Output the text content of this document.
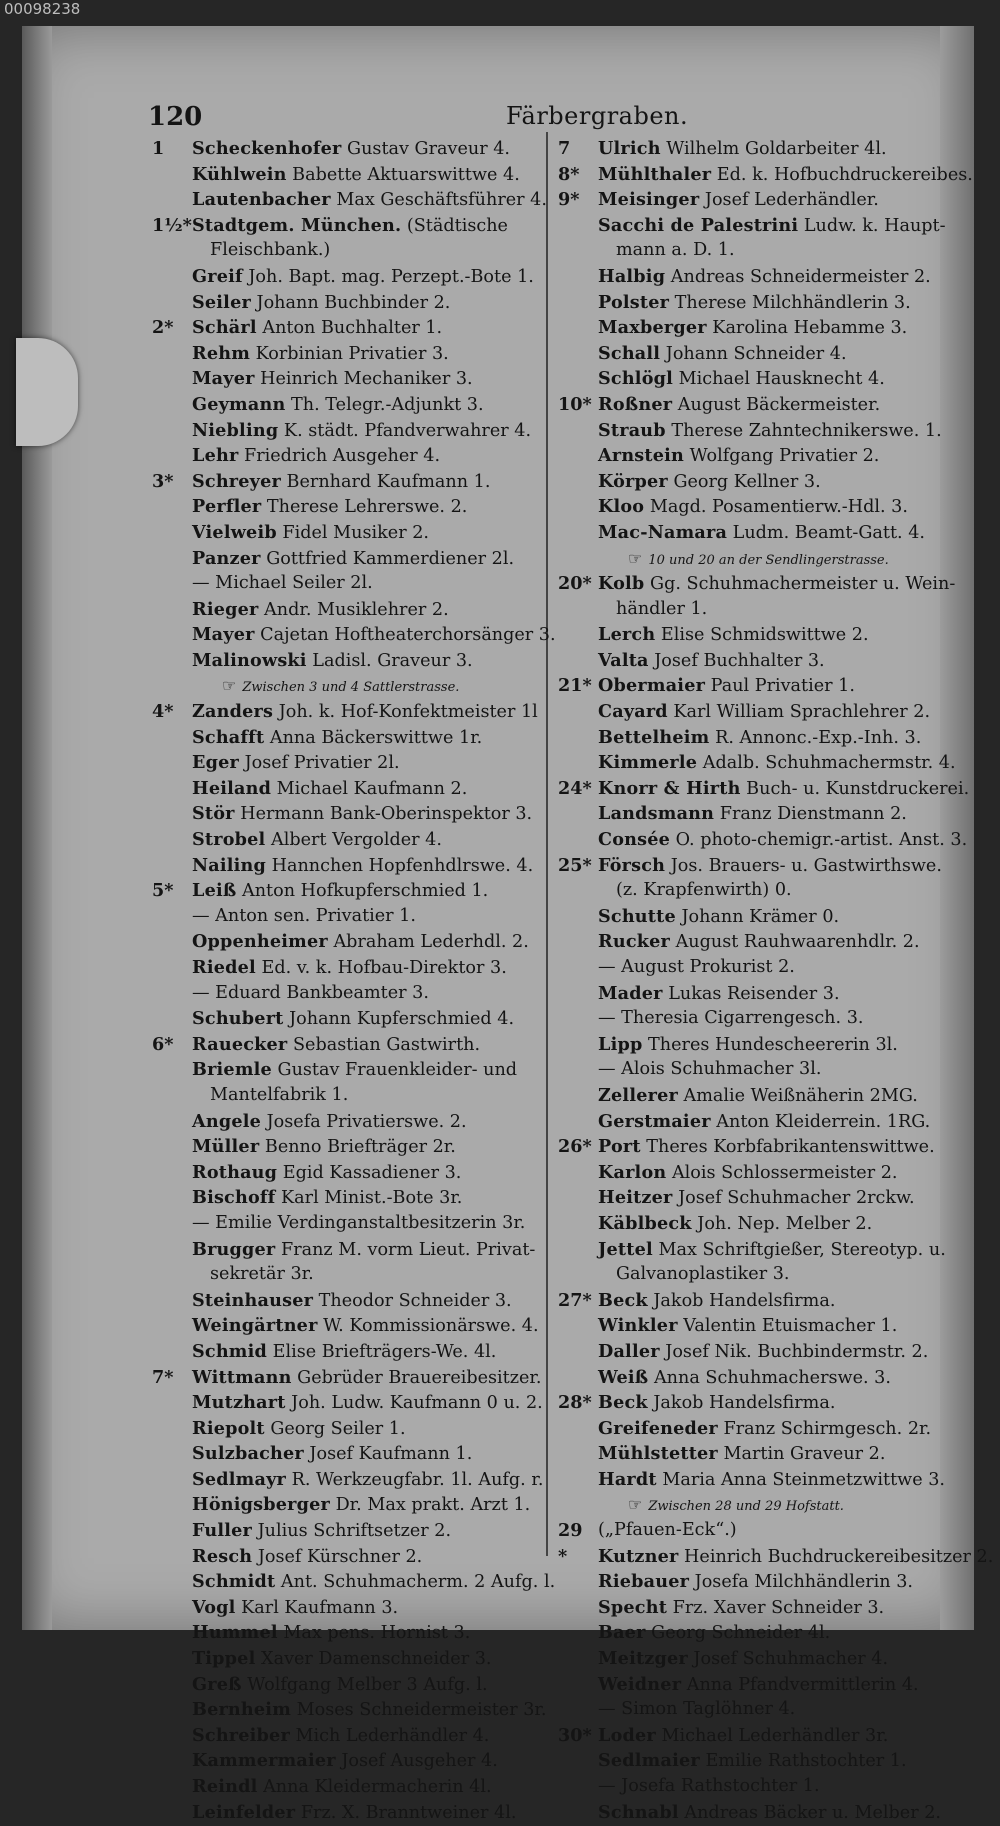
00098238
120	Färbergraben.
1	Scheckenhofer Gustav Graveur 4.
Kühlwein Babette Aktuarswittwe 4.
Lautenbacher Max Geschäftsführer 4.
1½* Stadtgem. München. (Städtische
Fleischbank.)
Greif Joh. Bapt. mag. Perzept.-Bote 1.
Seiler Johann Buchbinder 2.
2*	Schärl Anton Buchhalter 1.
Rehm Korbinian Privatier 3.
Mayer Heinrich Mechaniker 3.
Geymann Th. Telegr.-Adjunkt 3.
Niebling K. städt. Pfandverwahrer 4.
Lehr Friedrich Ausgeher 4.
3*	Schreyer Bernhard Kaufmann 1.
Perfler Therese Lehrerswe. 2.
Vielweib Fidel Musiker 2.
Panzer Gottfried Kammerdiener 2l.
— Michael Seiler 2l.
Rieger Andr. Musiklehrer 2.
Mayer Cajetan Hoftheaterchorsänger 3.
Malinowski Ladisl. Graveur 3.
☞ Zwischen 3 und 4 Sattlerstrasse.
4*	Zanders Joh. k. Hof-Konfektmeister 1l
Schafft Anna Bäckerswittwe 1r.
Eger Josef Privatier 2l.
Heiland Michael Kaufmann 2.
Stör Hermann Bank-Oberinspektor 3.
Strobel Albert Vergolder 4.
Nailing Hannchen Hopfenhdlrswe. 4.
5*	Leiß Anton Hofkupferschmied 1.
— Anton sen. Privatier 1.
Oppenheimer Abraham Lederhdl. 2.
Riedel Ed. v. k. Hofbau-Direktor 3.
— Eduard Bankbeamter 3.
Schubert Johann Kupferschmied 4.
6*	Rauecker Sebastian Gastwirth.
Briemle Gustav Frauenkleider- und
Mantelfabrik 1.
Angele Josefa Privatierswe. 2.
Müller Benno Briefträger 2r.
Rothaug Egid Kassadiener 3.
Bischoff Karl Minist.-Bote 3r.
— Emilie Verdinganstaltbesitzerin 3r.
Brugger Franz M. vorm Lieut. Privat-
sekretär 3r.
Steinhauser Theodor Schneider 3.
Weingärtner W. Kommissionärswe. 4.
Schmid Elise Briefträgers-We. 4l.
7*	Wittmann Gebrüder Brauereibesitzer.
Mutzhart Joh. Ludw. Kaufmann 0 u. 2.
Riepolt Georg Seiler 1.
Sulzbacher Josef Kaufmann 1.
Sedlmayr R. Werkzeugfabr. 1l. Aufg. r.
Hönigsberger Dr. Max prakt. Arzt 1.
Fuller Julius Schriftsetzer 2.
Resch Josef Kürschner 2.
Schmidt Ant. Schuhmacherm. 2 Aufg. l.
Vogl Karl Kaufmann 3.
Hummel Max pens. Hornist 3.
Tippel Xaver Damenschneider 3.
Greß Wolfgang Melber 3 Aufg. l.
Bernheim Moses Schneidermeister 3r.
Schreiber Mich Lederhändler 4.
Kammermaier Josef Ausgeher 4.
Reindl Anna Kleidermacherin 4l.
Leinfelder Frz. X. Branntweiner 4l.
7	Ulrich Wilhelm Goldarbeiter 4l.
8*	Mühlthaler Ed. k. Hofbuchdruckereibes.
9*	Meisinger Josef Lederhändler.
Sacchi de Palestrini Ludw. k. Haupt-
mann a. D. 1.
Halbig Andreas Schneidermeister 2.
Polster Therese Milchhändlerin 3.
Maxberger Karolina Hebamme 3.
Schall Johann Schneider 4.
Schlögl Michael Hausknecht 4.
10* Roßner August Bäckermeister.
Straub Therese Zahntechnikerswe. 1.
Arnstein Wolfgang Privatier 2.
Körper Georg Kellner 3.
Kloo Magd. Posamentierw.-Hdl. 3.
Mac-Namara Ludm. Beamt-Gatt. 4.
☞ 10 und 20 an der Sendlingerstrasse.
20* Kolb Gg. Schuhmachermeister u. Wein-
händler 1.
Lerch Elise Schmidswittwe 2.
Valta Josef Buchhalter 3.
21* Obermaier Paul Privatier 1.
Cayard Karl William Sprachlehrer 2.
Bettelheim R. Annonc.-Exp.-Inh. 3.
Kimmerle Adalb. Schuhmachermstr. 4.
24* Knorr & Hirth Buch- u. Kunstdruckerei.
Landsmann Franz Dienstmann 2.
Consée O. photo-chemigr.-artist. Anst. 3.
25* Försch Jos. Brauers- u. Gastwirthswe.
(z. Krapfenwirth) 0.
Schutte Johann Krämer 0.
Rucker August Rauhwaarenhdlr. 2.
— August Prokurist 2.
Mader Lukas Reisender 3.
— Theresia Cigarrengesch. 3.
Lipp Theres Hundescheererin 3l.
— Alois Schuhmacher 3l.
Zellerer Amalie Weißnäherin 2MG.
Gerstmaier Anton Kleiderrein. 1RG.
26* Port Theres Korbfabrikantenswittwe.
Karlon Alois Schlossermeister 2.
Heitzer Josef Schuhmacher 2rckw.
Käblbeck Joh. Nep. Melber 2.
Jettel Max Schriftgießer, Stereotyp. u.
Galvanoplastiker 3.
27* Beck Jakob Handelsfirma.
Winkler Valentin Etuismacher 1.
Daller Josef Nik. Buchbindermstr. 2.
Weiß Anna Schuhmacherswe. 3.
28* Beck Jakob Handelsfirma.
Greifeneder Franz Schirmgesch. 2r.
Mühlstetter Martin Graveur 2.
Hardt Maria Anna Steinmetzwittwe 3.
☞ Zwischen 28 und 29 Hofstatt.
29 („Pfauen-Eck“.)
*	Kutzner Heinrich Buchdruckereibesitzer 2.
Riebauer Josefa Milchhändlerin 3.
Specht Frz. Xaver Schneider 3.
Baer Georg Schneider 4l.
Meitzger Josef Schuhmacher 4.
Weidner Anna Pfandvermittlerin 4.
— Simon Taglöhner 4.
30* Loder Michael Lederhändler 3r.
Sedlmaier Emilie Rathstochter 1.
— Josefa Rathstochter 1.
Schnabl Andreas Bäcker u. Melber 2.
